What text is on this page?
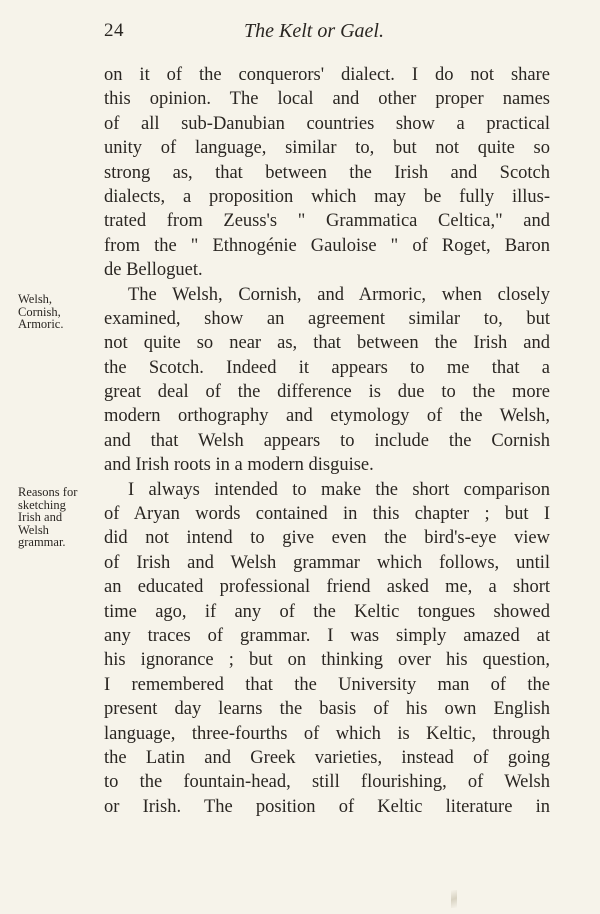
24	The Kelt or Gael.
Welsh,
Cornish,
Armoric.
Reasons for
sketching
Irish and
Welsh
grammar.
on it of the conquerors' dialect. I do not share
this opinion. The local and other proper names
of all sub-Danubian countries show a practical
unity of language, similar to, but not quite so
strong as, that between the Irish and Scotch
dialects, a proposition which may be fully illus-
trated from Zeuss's " Grammatica Celtica," and
from the " Ethnogénie Gauloise " of Roget, Baron
de Belloguet.
The Welsh, Cornish, and Armoric, when closely
examined, show an agreement similar to, but
not quite so near as, that between the Irish and
the Scotch. Indeed it appears to me that a
great deal of the difference is due to the more
modern orthography and etymology of the Welsh,
and that Welsh appears to include the Cornish
and Irish roots in a modern disguise.
I always intended to make the short comparison
of Aryan words contained in this chapter ; but I
did not intend to give even the bird's-eye view
of Irish and Welsh grammar which follows, until
an educated professional friend asked me, a short
time ago, if any of the Keltic tongues showed
any traces of grammar. I was simply amazed at
his ignorance ; but on thinking over his question,
I remembered that the University man of the
present day learns the basis of his own English
language, three-fourths of which is Keltic, through
the Latin and Greek varieties, instead of going
to the fountain-head, still flourishing, of Welsh
or Irish. The position of Keltic literature in
